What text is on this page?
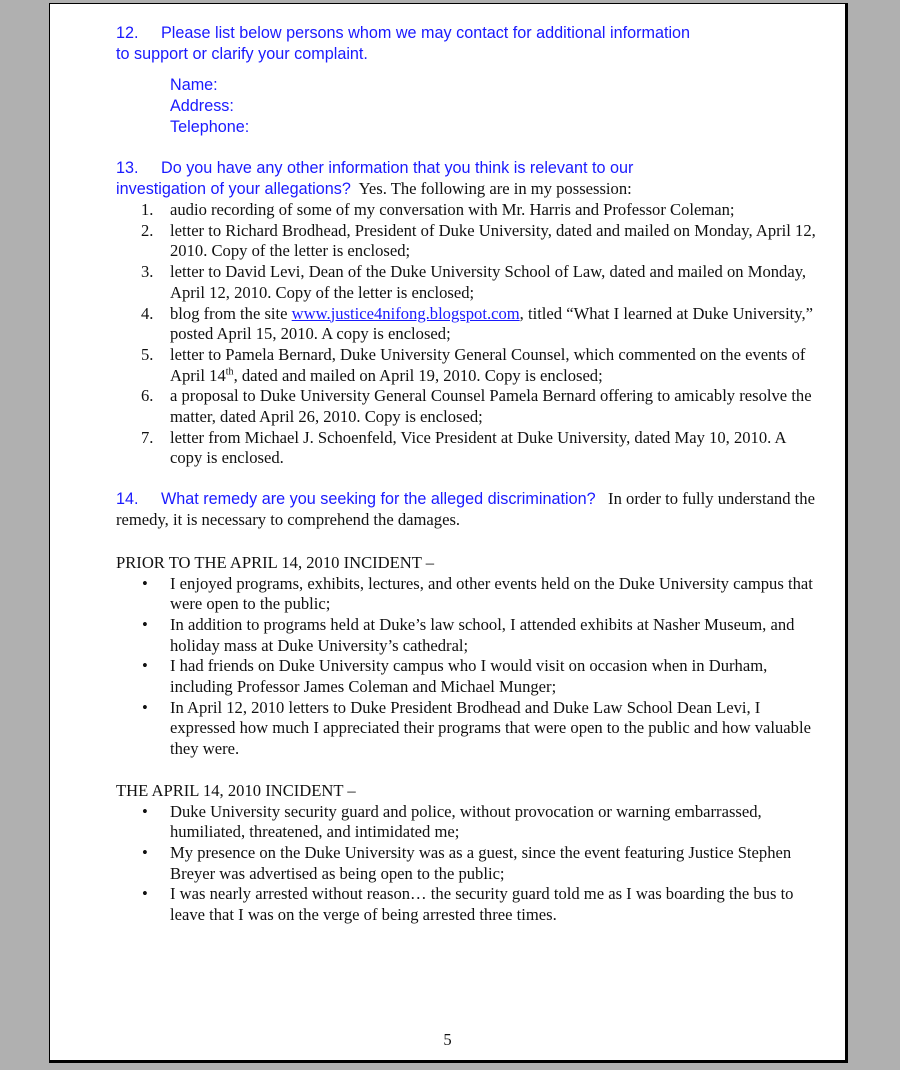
12. Please list below persons whom we may contact for additional information
to support or clarify your complaint.
Name:
Address:
Telephone:
13. Do you have any other information that you think is relevant to our
investigation of your allegations? Yes. The following are in my possession:
1. audio recording of some of my conversation with Mr. Harris and Professor Coleman;
2. letter to Richard Brodhead, President of Duke University, dated and mailed on Monday, April 12, 2010. Copy of the letter is enclosed;
3. letter to David Levi, Dean of the Duke University School of Law, dated and mailed on Monday, April 12, 2010. Copy of the letter is enclosed;
4. blog from the site www.justice4nifong.blogspot.com, titled “What I learned at Duke University,” posted April 15, 2010. A copy is enclosed;
5. letter to Pamela Bernard, Duke University General Counsel, which commented on the events of April 14th, dated and mailed on April 19, 2010. Copy is enclosed;
6. a proposal to Duke University General Counsel Pamela Bernard offering to amicably resolve the matter, dated April 26, 2010. Copy is enclosed;
7. letter from Michael J. Schoenfeld, Vice President at Duke University, dated May 10, 2010. A copy is enclosed.
14. What remedy are you seeking for the alleged discrimination? In order to fully understand the remedy, it is necessary to comprehend the damages.
PRIOR TO THE APRIL 14, 2010 INCIDENT –
• I enjoyed programs, exhibits, lectures, and other events held on the Duke University campus that were open to the public;
• In addition to programs held at Duke’s law school, I attended exhibits at Nasher Museum, and holiday mass at Duke University’s cathedral;
• I had friends on Duke University campus who I would visit on occasion when in Durham, including Professor James Coleman and Michael Munger;
• In April 12, 2010 letters to Duke President Brodhead and Duke Law School Dean Levi, I expressed how much I appreciated their programs that were open to the public and how valuable they were.
THE APRIL 14, 2010 INCIDENT –
• Duke University security guard and police, without provocation or warning embarrassed, humiliated, threatened, and intimidated me;
• My presence on the Duke University was as a guest, since the event featuring Justice Stephen Breyer was advertised as being open to the public;
• I was nearly arrested without reason… the security guard told me as I was boarding the bus to leave that I was on the verge of being arrested three times.
5
